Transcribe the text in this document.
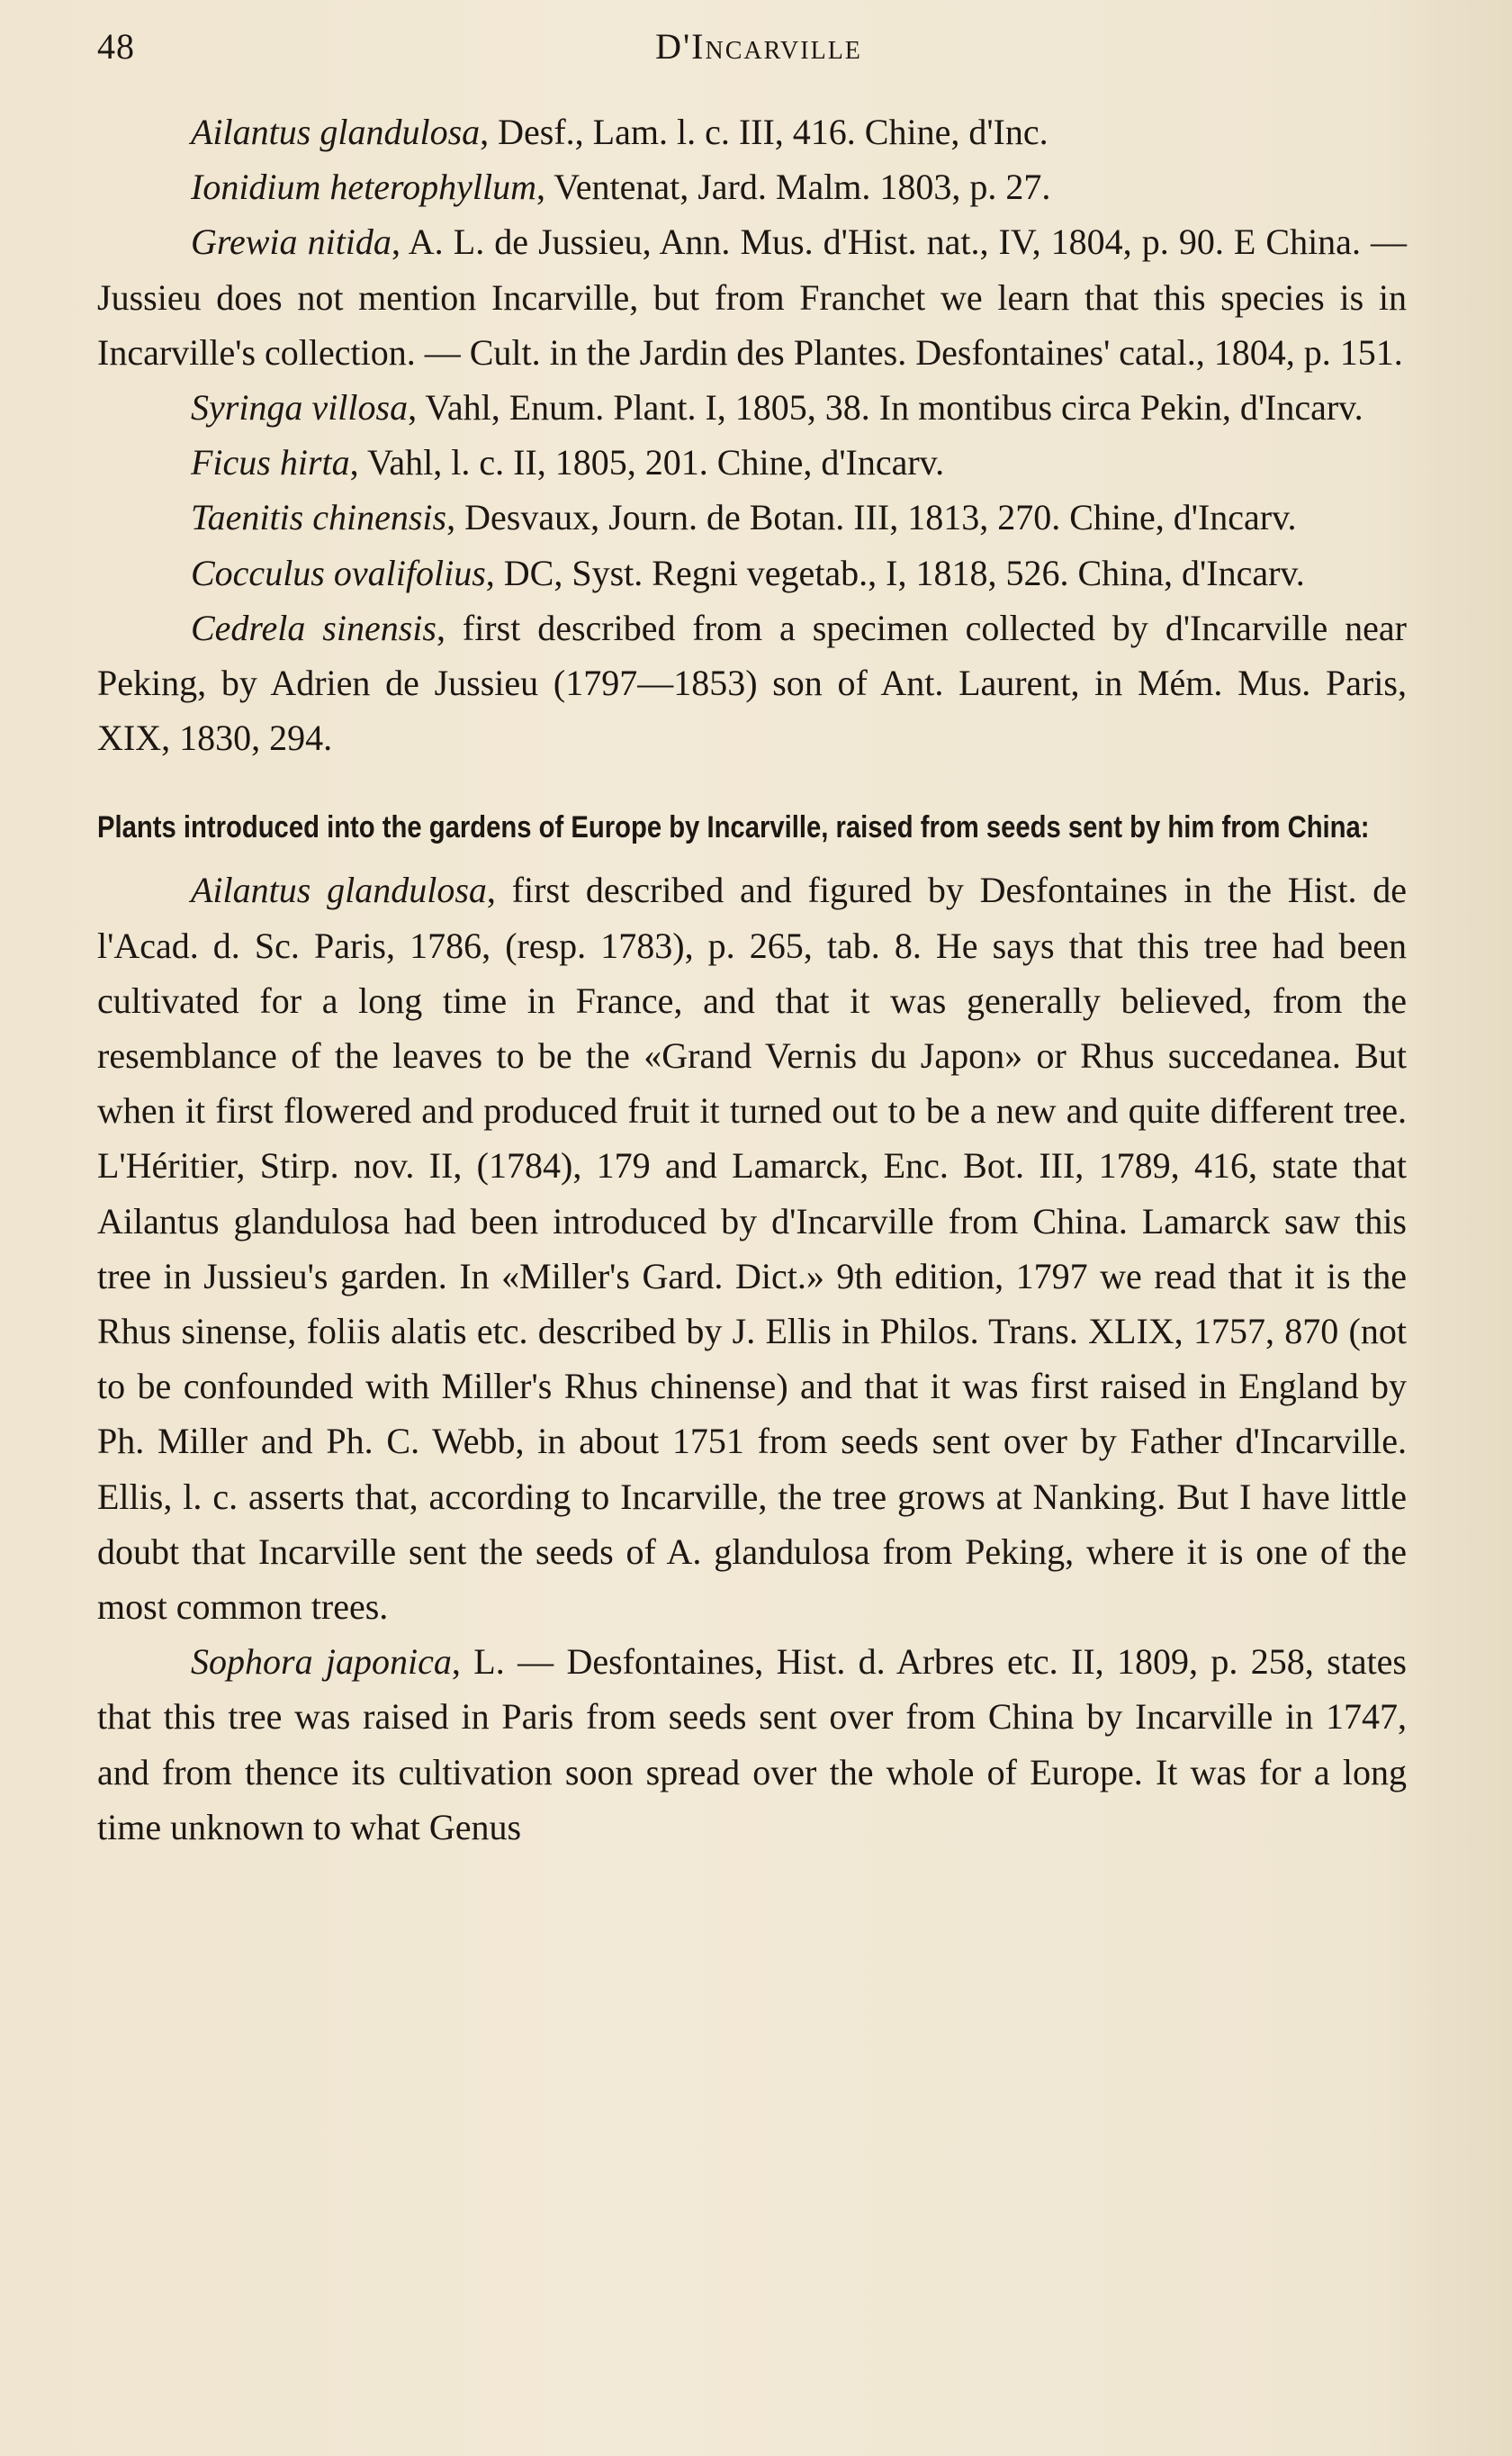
48	D'Incarville

Ailantus glandulosa, Desf., Lam. l. c. III, 416. Chine, d'Inc.

Ionidium heterophyllum, Ventenat, Jard. Malm. 1803, p. 27.

Grewia nitida, A. L. de Jussieu, Ann. Mus. d'Hist. nat., IV, 1804, p. 90. E China. — Jussieu does not mention Incarville, but from Franchet we learn that this species is in Incarville's collection. — Cult. in the Jardin des Plantes. Desfontaines' catal., 1804, p. 151.

Syringa villosa, Vahl, Enum. Plant. I, 1805, 38. In montibus circa Pekin, d'Incarv.

Ficus hirta, Vahl, l. c. II, 1805, 201. Chine, d'Incarv.

Taenitis chinensis, Desvaux, Journ. de Botan. III, 1813, 270. Chine, d'Incarv.

Cocculus ovalifolius, DC, Syst. Regni vegetab., I, 1818, 526. China, d'Incarv.

Cedrela sinensis, first described from a specimen collected by d'Incarville near Peking, by Adrien de Jussieu (1797—1853) son of Ant. Laurent, in Mém. Mus. Paris, XIX, 1830, 294.

Plants introduced into the gardens of Europe by Incarville, raised from seeds sent by him from China:

Ailantus glandulosa, first described and figured by Desfontaines in the Hist. de l'Acad. d. Sc. Paris, 1786, (resp. 1783), p. 265, tab. 8. He says that this tree had been cultivated for a long time in France, and that it was generally believed, from the resemblance of the leaves to be the «Grand Vernis du Japon» or Rhus succedanea. But when it first flowered and produced fruit it turned out to be a new and quite different tree. L'Héritier, Stirp. nov. II, (1784), 179 and Lamarck, Enc. Bot. III, 1789, 416, state that Ailantus glandulosa had been introduced by d'Incarville from China. Lamarck saw this tree in Jussieu's garden. In «Miller's Gard. Dict.» 9th edition, 1797 we read that it is the Rhus sinense, foliis alatis etc. described by J. Ellis in Philos. Trans. XLIX, 1757, 870 (not to be confounded with Miller's Rhus chinense) and that it was first raised in England by Ph. Miller and Ph. C. Webb, in about 1751 from seeds sent over by Father d'Incarville. Ellis, l. c. asserts that, according to Incarville, the tree grows at Nanking. But I have little doubt that Incarville sent the seeds of A. glandulosa from Peking, where it is one of the most common trees.

Sophora japonica, L. — Desfontaines, Hist. d. Arbres etc. II, 1809, p. 258, states that this tree was raised in Paris from seeds sent over from China by Incarville in 1747, and from thence its cultivation soon spread over the whole of Europe. It was for a long time unknown to what Genus
